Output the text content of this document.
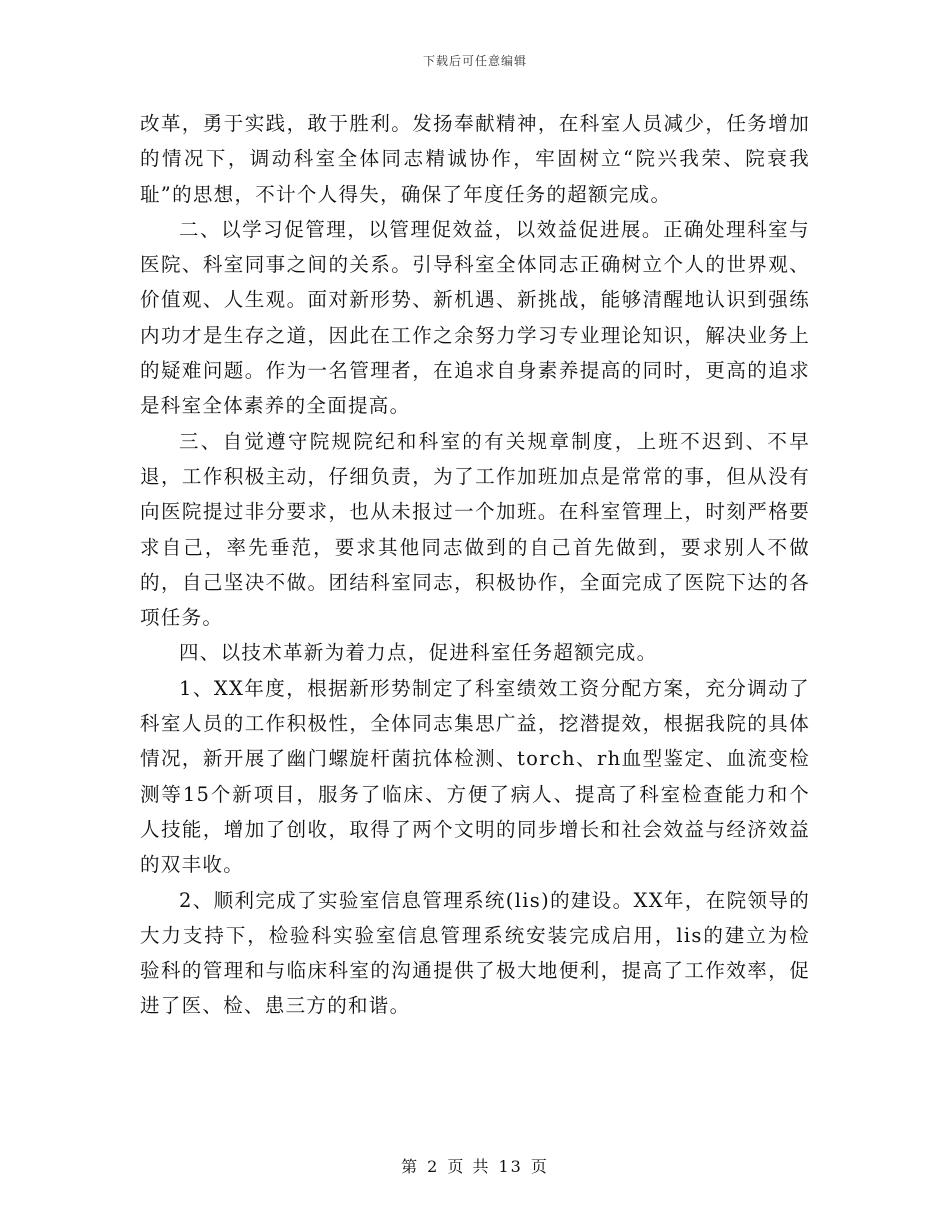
下载后可任意编辑

改革，勇于实践，敢于胜利。发扬奉献精神，在科室人员减少，任务增加的情况下，调动科室全体同志精诚协作，牢固树立“院兴我荣、院衰我耻”的思想，不计个人得失，确保了年度任务的超额完成。

二、以学习促管理，以管理促效益，以效益促进展。正确处理科室与医院、科室同事之间的关系。引导科室全体同志正确树立个人的世界观、价值观、人生观。面对新形势、新机遇、新挑战，能够清醒地认识到强练内功才是生存之道，因此在工作之余努力学习专业理论知识，解决业务上的疑难问题。作为一名管理者，在追求自身素养提高的同时，更高的追求是科室全体素养的全面提高。

三、自觉遵守院规院纪和科室的有关规章制度，上班不迟到、不早退，工作积极主动，仔细负责，为了工作加班加点是常常的事，但从没有向医院提过非分要求，也从未报过一个加班。在科室管理上，时刻严格要求自己，率先垂范，要求其他同志做到的自己首先做到，要求别人不做的，自己坚决不做。团结科室同志，积极协作，全面完成了医院下达的各项任务。

四、以技术革新为着力点，促进科室任务超额完成。

1、XX年度，根据新形势制定了科室绩效工资分配方案，充分调动了科室人员的工作积极性，全体同志集思广益，挖潜提效，根据我院的具体情况，新开展了幽门螺旋杆菌抗体检测、torch、rh血型鉴定、血流变检测等15个新项目，服务了临床、方便了病人、提高了科室检查能力和个人技能，增加了创收，取得了两个文明的同步增长和社会效益与经济效益的双丰收。

2、顺利完成了实验室信息管理系统(lis)的建设。XX年，在院领导的大力支持下，检验科实验室信息管理系统安装完成启用，lis的建立为检验科的管理和与临床科室的沟通提供了极大地便利，提高了工作效率，促进了医、检、患三方的和谐。

第 2 页 共 13 页
